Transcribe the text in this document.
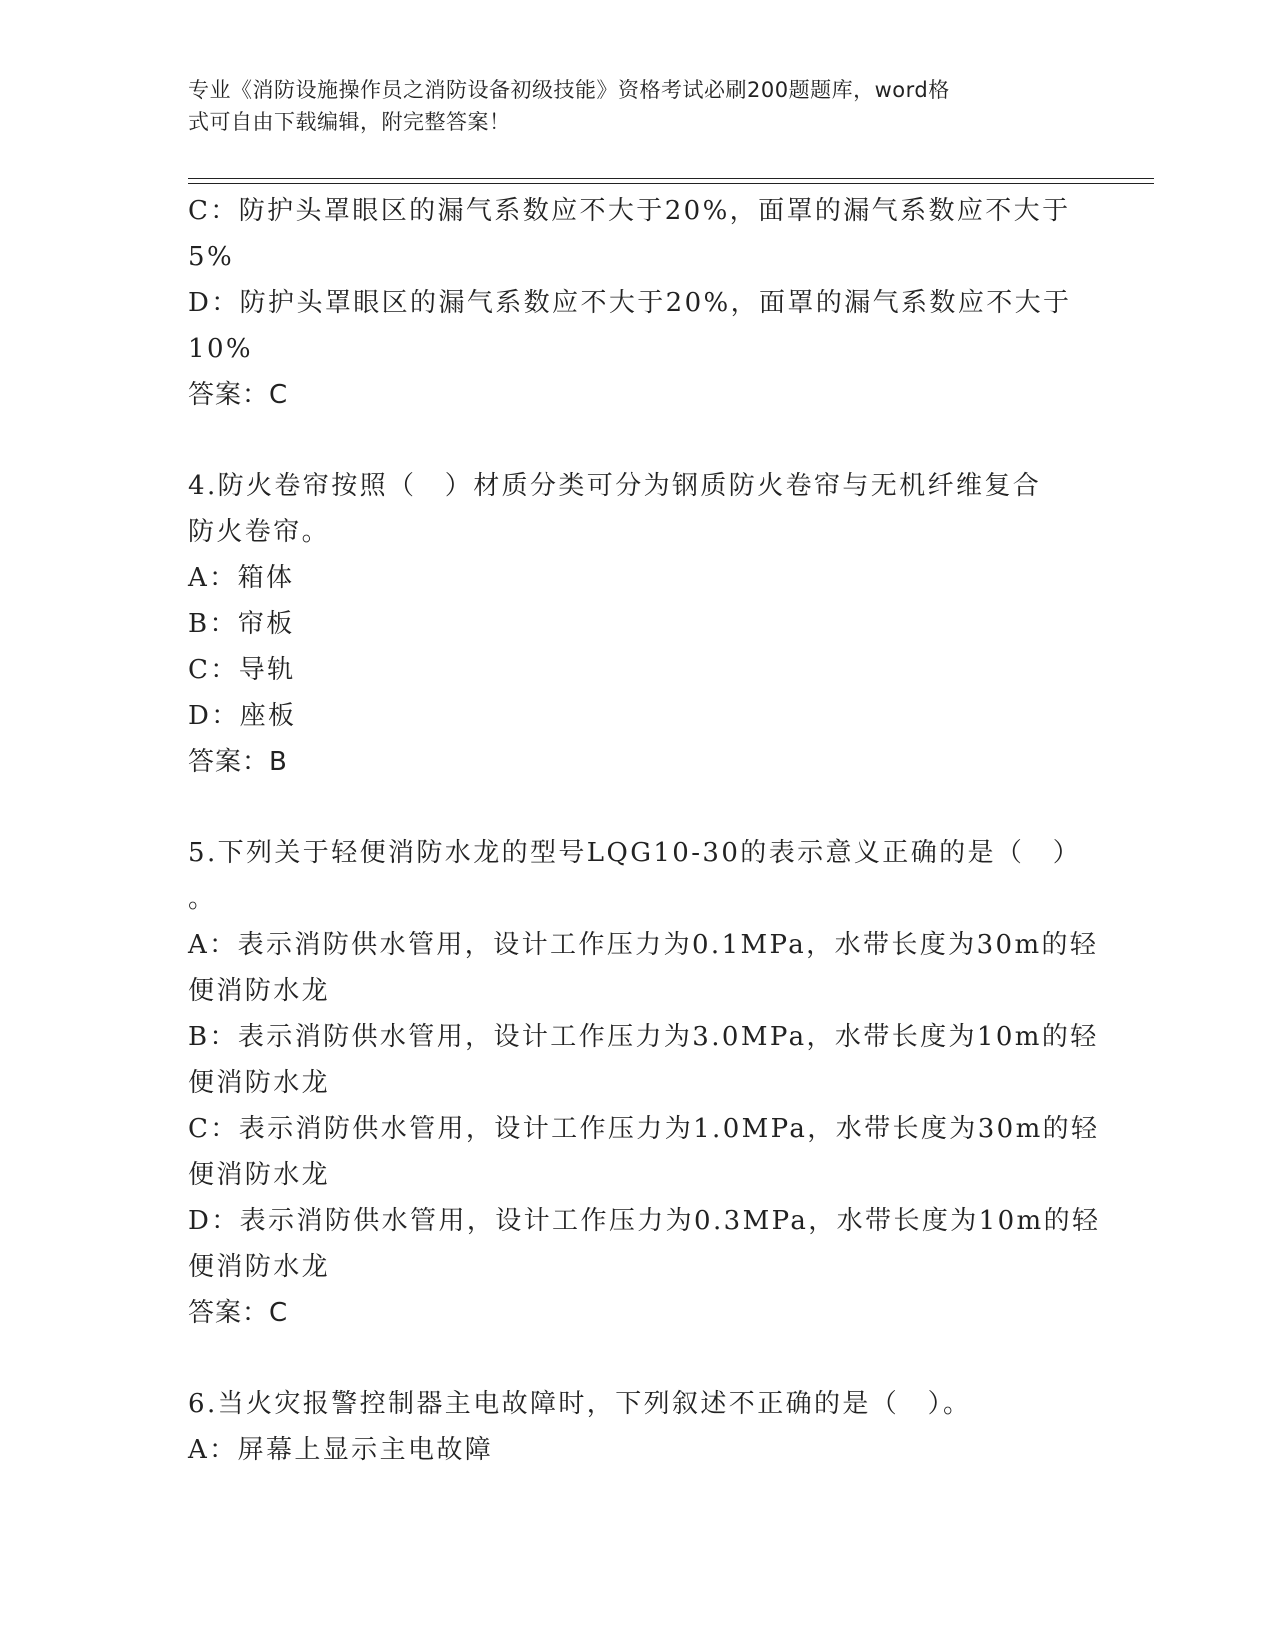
专业《消防设施操作员之消防设备初级技能》资格考试必刷200题题库，word格
式可自由下载编辑，附完整答案！
C：防护头罩眼区的漏气系数应不大于20%，面罩的漏气系数应不大于
5%
D：防护头罩眼区的漏气系数应不大于20%，面罩的漏气系数应不大于
10%
答案：C
4.防火卷帘按照（　）材质分类可分为钢质防火卷帘与无机纤维复合
防火卷帘。
A：箱体
B：帘板
C：导轨
D：座板
答案：B
5.下列关于轻便消防水龙的型号LQG10-30的表示意义正确的是（　）
。
A：表示消防供水管用，设计工作压力为0.1MPa，水带长度为30m的轻
便消防水龙
B：表示消防供水管用，设计工作压力为3.0MPa，水带长度为10m的轻
便消防水龙
C：表示消防供水管用，设计工作压力为1.0MPa，水带长度为30m的轻
便消防水龙
D：表示消防供水管用，设计工作压力为0.3MPa，水带长度为10m的轻
便消防水龙
答案：C
6.当火灾报警控制器主电故障时，下列叙述不正确的是（　）。
A：屏幕上显示主电故障
